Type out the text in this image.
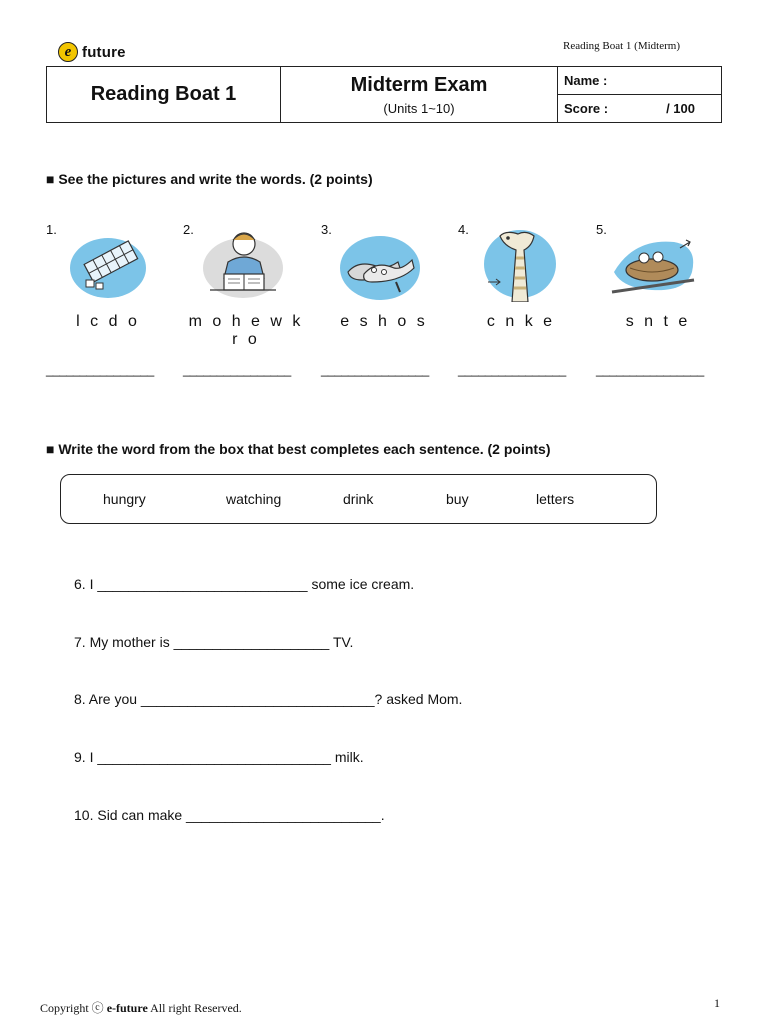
e future	Reading Boat 1 (Midterm)
Reading Boat 1	Midterm Exam
(Units 1~10)
Name :
Score :	/ 100
■ See the pictures and write the words. (2 points)
1.	2.	3.	4.	5.
l c d o	m o h e w k r o
e s h o s	c n k e	s n t e
________________ ________________ ________________ ________________ ________________
■ Write the word from the box that best completes each sentence. (2 points)
hungry	watching	drink	buy	letters
6. I ___________________________ some ice cream.
7. My mother is ____________________ TV.
8. Are you ______________________________? asked Mom.
9. I ______________________________ milk.
10. Sid can make _________________________.
Copyright ⓒ e-future All right Reserved.	1
